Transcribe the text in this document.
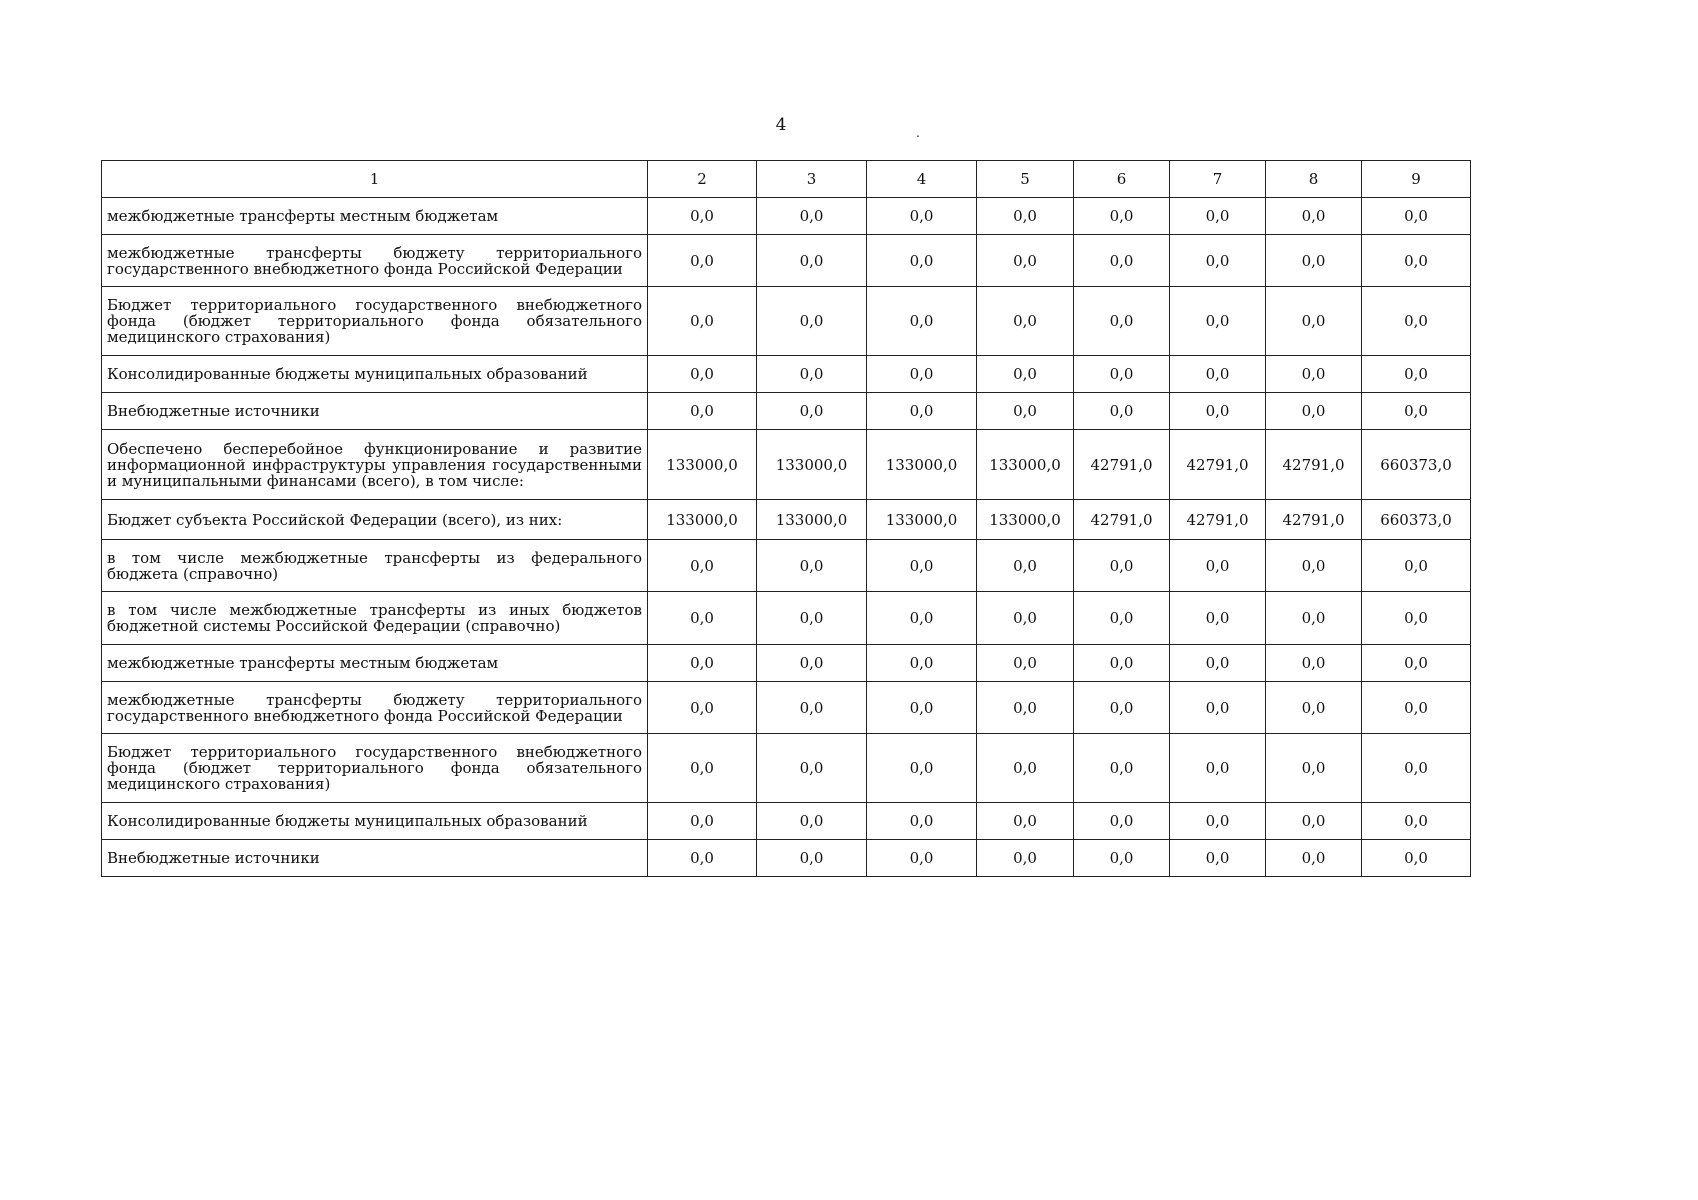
4	.
1	2	3	4	5	6	7	8	9
межбюджетные трансферты местным бюджетам	0,0	0,0	0,0	0,0	0,0	0,0	0,0	0,0
межбюджетные трансферты бюджету территориального государственного внебюджетного фонда Российской Федерации	0,0	0,0	0,0	0,0	0,0	0,0	0,0	0,0
Бюджет территориального государственного внебюджетного фонда (бюджет территориального фонда обязательного медицинского страхования)	0,0	0,0	0,0	0,0	0,0	0,0	0,0	0,0
Консолидированные бюджеты муниципальных образований	0,0	0,0	0,0	0,0	0,0	0,0	0,0	0,0
Внебюджетные источники	0,0	0,0	0,0	0,0	0,0	0,0	0,0	0,0
Обеспечено бесперебойное функционирование и развитие информационной инфраструктуры управления государственными и муниципальными финансами (всего), в том числе:	133000,0	133000,0	133000,0	133000,0	42791,0	42791,0	42791,0	660373,0
Бюджет субъекта Российской Федерации (всего), из них:	133000,0	133000,0	133000,0	133000,0	42791,0	42791,0	42791,0	660373,0
в том числе межбюджетные трансферты из федерального бюджета (справочно)	0,0	0,0	0,0	0,0	0,0	0,0	0,0	0,0
в том числе межбюджетные трансферты из иных бюджетов бюджетной системы Российской Федерации (справочно)	0,0	0,0	0,0	0,0	0,0	0,0	0,0	0,0
межбюджетные трансферты местным бюджетам	0,0	0,0	0,0	0,0	0,0	0,0	0,0	0,0
межбюджетные трансферты бюджету территориального государственного внебюджетного фонда Российской Федерации	0,0	0,0	0,0	0,0	0,0	0,0	0,0	0,0
Бюджет территориального государственного внебюджетного фонда (бюджет территориального фонда обязательного медицинского страхования)	0,0	0,0	0,0	0,0	0,0	0,0	0,0	0,0
Консолидированные бюджеты муниципальных образований	0,0	0,0	0,0	0,0	0,0	0,0	0,0	0,0
Внебюджетные источники	0,0	0,0	0,0	0,0	0,0	0,0	0,0	0,0
